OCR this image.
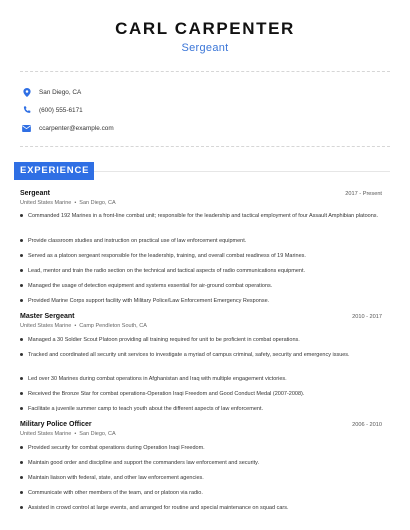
CARL CARPENTER
Sergeant
San Diego, CA
(600) 555-6171
ccarpenter@example.com
EXPERIENCE
Sergeant	2017 - Present
United States Marine • San Diego, CA
Commanded 192 Marines in a front-line combat unit; responsible for the leadership and tactical employment of four Assault Amphibian platoons.
Provide classroom studies and instruction on practical use of law enforcement equipment.
Served as a platoon sergeant responsible for the leadership, training, and overall combat readiness of 19 Marines.
Lead, mentor and train the radio section on the technical and tactical aspects of radio communications equipment.
Managed the usage of detection equipment and systems essential for air-ground combat operations.
Provided Marine Corps support facility with Military Police/Law Enforcement Emergency Response.
Master Sergeant	2010 - 2017
United States Marine • Camp Pendleton South, CA
Managed a 30 Soldier Scout Platoon providing all training required for unit to be proficient in combat operations.
Tracked and coordinated all security unit services to investigate a myriad of campus criminal, safety, security and emergency issues.
Led over 30 Marines during combat operations in Afghanistan and Iraq with multiple engagement victories.
Received the Bronze Star for combat operations-Operation Iraqi Freedom and Good Conduct Medal (2007-2008).
Facilitate a juvenile summer camp to teach youth about the different aspects of law enforcement.
Military Police Officer	2006 - 2010
United States Marine • San Diego, CA
Provided security for combat operations during Operation Iraqi Freedom.
Maintain good order and discipline and support the commanders law enforcement and security.
Maintain liaison with federal, state, and other law enforcement agencies.
Communicate with other members of the team, and or platoon via radio.
Assisted in crowd control at large events, and arranged for routine and special maintenance on squad cars.
